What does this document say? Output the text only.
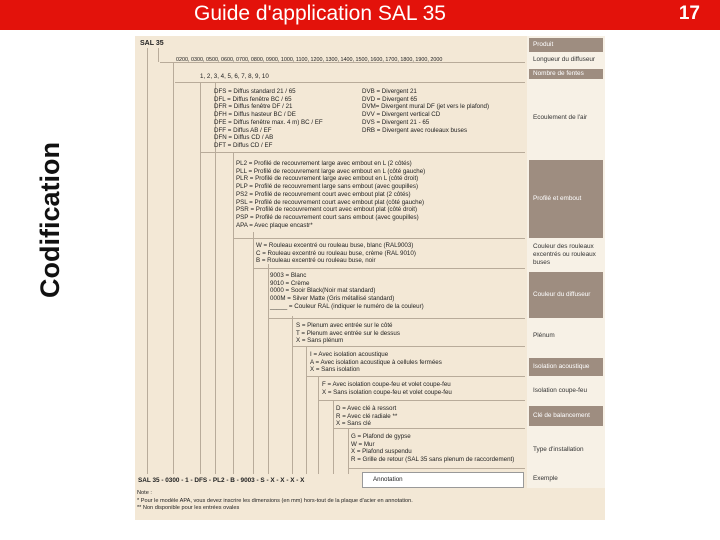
Guide d'application SAL 35	17
Codification
SAL 35
0200, 0300, 0500, 0600, 0700, 0800, 0900, 1000, 1100, 1200, 1300, 1400, 1500, 1600, 1700, 1800, 1900, 2000
1, 2, 3, 4, 5, 6, 7, 8, 9, 10
DFS = Diffus standard 21 / 65
DFL = Diffus fenêtre BC / 65
DFR = Diffus fenêtre DF / 21
DFH = Diffus hasteur BC / DE
DFE = Diffus fenêtre max. 4 m) BC / EF
DFF = Diffus AB / EF
DFN = Diffus CD / AB
DFT = Diffus CD / EF
DVB = Divergent 21
DVD = Divergent 65
DVM= Divergent mural DF (jet vers le plafond)
DVV = Divergent vertical CD
DVS = Divergent 21 - 65
DRB = Divergent avec rouleaux buses
PL2 = Profilé de recouvrement large avec embout en L (2 côtés)
PLL = Profilé de recouvrement large avec embout en L (côté gauche)
PLR = Profilé de recouvrement large avec embout en L (côté droit)
PLP = Profilé de recouvrement large sans embout (avec goupilles)
PS2 = Profilé de recouvrement court avec embout plat (2 côtés)
PSL = Profilé de recouvrement court avec embout plat (côté gauche)
PSR = Profilé de recouvrement court avec embout plat (côté droit)
PSP = Profilé de recouvrement court sans embout (avec goupilles)
APA = Avec plaque encastr*
W = Rouleau excentré ou rouleau buse, blanc (RAL9003)
C = Rouleau excentré ou rouleau buse, crème (RAL 9010)
B = Rouleau excentré ou rouleau buse, noir
9003 = Blanc
9010 = Crème
0000 = Sooir Black(Noir mat standard)
000M = Silver Matte (Gris métallisé standard)
_____ = Couleur RAL (indiquer le numéro de la couleur)
S = Plenum avec entrée sur le côté
T = Plenum avec entrée sur le dessus
X = Sans plénum
I = Avec isolation acoustique
A = Avec isolation acoustique à cellules fermées
X = Sans isolation
F = Avec isolation coupe-feu et volet coupe-feu
X = Sans isolation coupe-feu et volet coupe-feu
D = Avec clé à ressort
R = Avec clé radiale **
X = Sans clé
G = Plafond de gypse
W = Mur
X = Plafond suspendu
R = Grille de retour (SAL 35 sans plenum de raccordement)
Annotation
SAL 35 - 0300 - 1 - DFS - PL2 - B - 9003 - S - X - X - X - X
Note :
* Pour le modèle APA, vous devez inscrire les dimensions (en mm) hors-tout de la plaque d'acier en annotation.
** Non disponible pour les entrées ovales
Produit
Longueur du diffuseur
Nombre de fentes
Ecoulement de l'air
Profilé et embout
Couleur des rouleaux excentrés ou rouleaux buses
Couleur du diffuseur
Plénum
Isolation acoustique
Isolation coupe-feu
Clé de balancement
Type d'installation
Exemple
